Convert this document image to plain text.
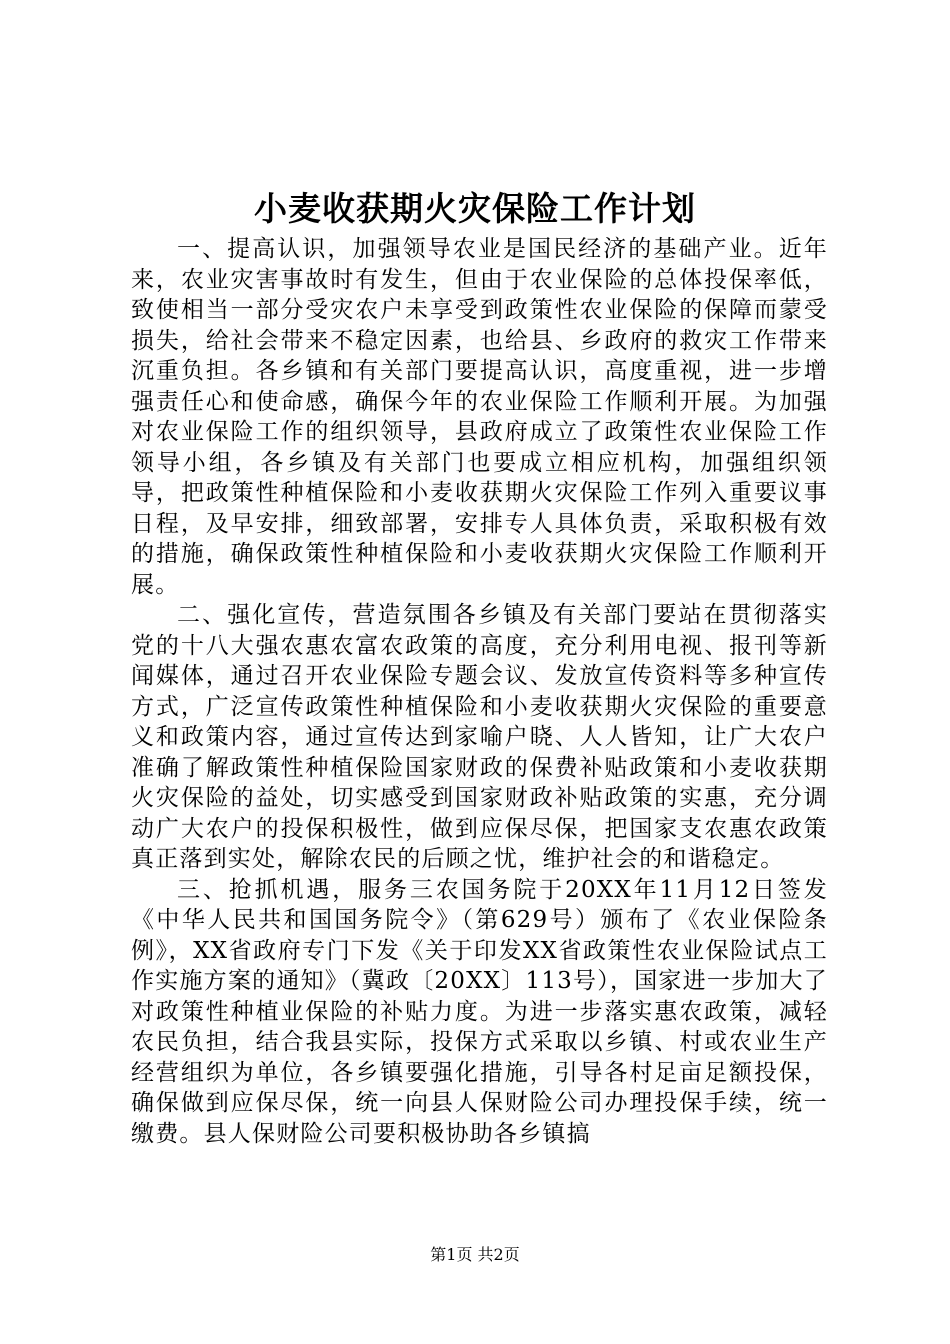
小麦收获期火灾保险工作计划

一、提高认识，加强领导农业是国民经济的基础产业。近年来，农业灾害事故时有发生，但由于农业保险的总体投保率低，致使相当一部分受灾农户未享受到政策性农业保险的保障而蒙受损失，给社会带来不稳定因素，也给县、乡政府的救灾工作带来沉重负担。各乡镇和有关部门要提高认识，高度重视，进一步增强责任心和使命感，确保今年的农业保险工作顺利开展。为加强对农业保险工作的组织领导，县政府成立了政策性农业保险工作领导小组，各乡镇及有关部门也要成立相应机构，加强组织领导，把政策性种植保险和小麦收获期火灾保险工作列入重要议事日程，及早安排，细致部署，安排专人具体负责，采取积极有效的措施，确保政策性种植保险和小麦收获期火灾保险工作顺利开展。

二、强化宣传，营造氛围各乡镇及有关部门要站在贯彻落实党的十八大强农惠农富农政策的高度，充分利用电视、报刊等新闻媒体，通过召开农业保险专题会议、发放宣传资料等多种宣传方式，广泛宣传政策性种植保险和小麦收获期火灾保险的重要意义和政策内容，通过宣传达到家喻户晓、人人皆知，让广大农户准确了解政策性种植保险国家财政的保费补贴政策和小麦收获期火灾保险的益处，切实感受到国家财政补贴政策的实惠，充分调动广大农户的投保积极性，做到应保尽保，把国家支农惠农政策真正落到实处，解除农民的后顾之忧，维护社会的和谐稳定。

三、抢抓机遇，服务三农国务院于20XX年11月12日签发《中华人民共和国国务院令》（第629号）颁布了《农业保险条例》，XX省政府专门下发《关于印发XX省政策性农业保险试点工作实施方案的通知》（冀政〔20XX〕113号），国家进一步加大了对政策性种植业保险的补贴力度。为进一步落实惠农政策，减轻农民负担，结合我县实际，投保方式采取以乡镇、村或农业生产经营组织为单位，各乡镇要强化措施，引导各村足亩足额投保，确保做到应保尽保，统一向县人保财险公司办理投保手续，统一缴费。县人保财险公司要积极协助各乡镇搞

第1页 共2页
